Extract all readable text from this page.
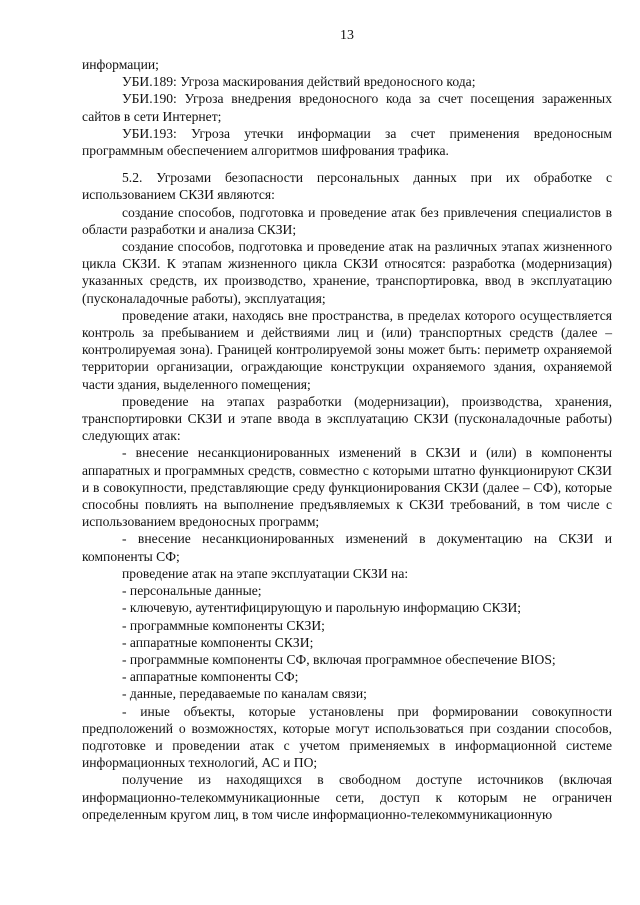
13

информации;

УБИ.189: Угроза маскирования действий вредоносного кода;

УБИ.190: Угроза внедрения вредоносного кода за счет посещения зараженных сайтов в сети Интернет;

УБИ.193: Угроза утечки информации за счет применения вредоносным программным обеспечением алгоритмов шифрования трафика.

5.2. Угрозами безопасности персональных данных при их обработке с использованием СКЗИ являются:

создание способов, подготовка и проведение атак без привлечения специалистов в области разработки и анализа СКЗИ;

создание способов, подготовка и проведение атак на различных этапах жизненного цикла СКЗИ. К этапам жизненного цикла СКЗИ относятся: разработка (модернизация) указанных средств, их производство, хранение, транспортировка, ввод в эксплуатацию (пусконаладочные работы), эксплуатация;

проведение атаки, находясь вне пространства, в пределах которого осуществляется контроль за пребыванием и действиями лиц и (или) транспортных средств (далее – контролируемая зона). Границей контролируемой зоны может быть: периметр охраняемой территории организации, ограждающие конструкции охраняемого здания, охраняемой части здания, выделенного помещения;

проведение на этапах разработки (модернизации), производства, хранения, транспортировки СКЗИ и этапе ввода в эксплуатацию СКЗИ (пусконаладочные работы) следующих атак:

- внесение несанкционированных изменений в СКЗИ и (или) в компоненты аппаратных и программных средств, совместно с которыми штатно функционируют СКЗИ и в совокупности, представляющие среду функционирования СКЗИ (далее – СФ), которые способны повлиять на выполнение предъявляемых к СКЗИ требований, в том числе с использованием вредоносных программ;

- внесение несанкционированных изменений в документацию на СКЗИ и компоненты СФ;

проведение атак на этапе эксплуатации СКЗИ на:

- персональные данные;

- ключевую, аутентифицирующую и парольную информацию СКЗИ;

- программные компоненты СКЗИ;

- аппаратные компоненты СКЗИ;

- программные компоненты СФ, включая программное обеспечение BIOS;

- аппаратные компоненты СФ;

- данные, передаваемые по каналам связи;

- иные объекты, которые установлены при формировании совокупности предположений о возможностях, которые могут использоваться при создании способов, подготовке и проведении атак с учетом применяемых в информационной системе информационных технологий, АС и ПО;

получение из находящихся в свободном доступе источников (включая информационно-телекоммуникационные сети, доступ к которым не ограничен определенным кругом лиц, в том числе информационно-телекоммуникационную
